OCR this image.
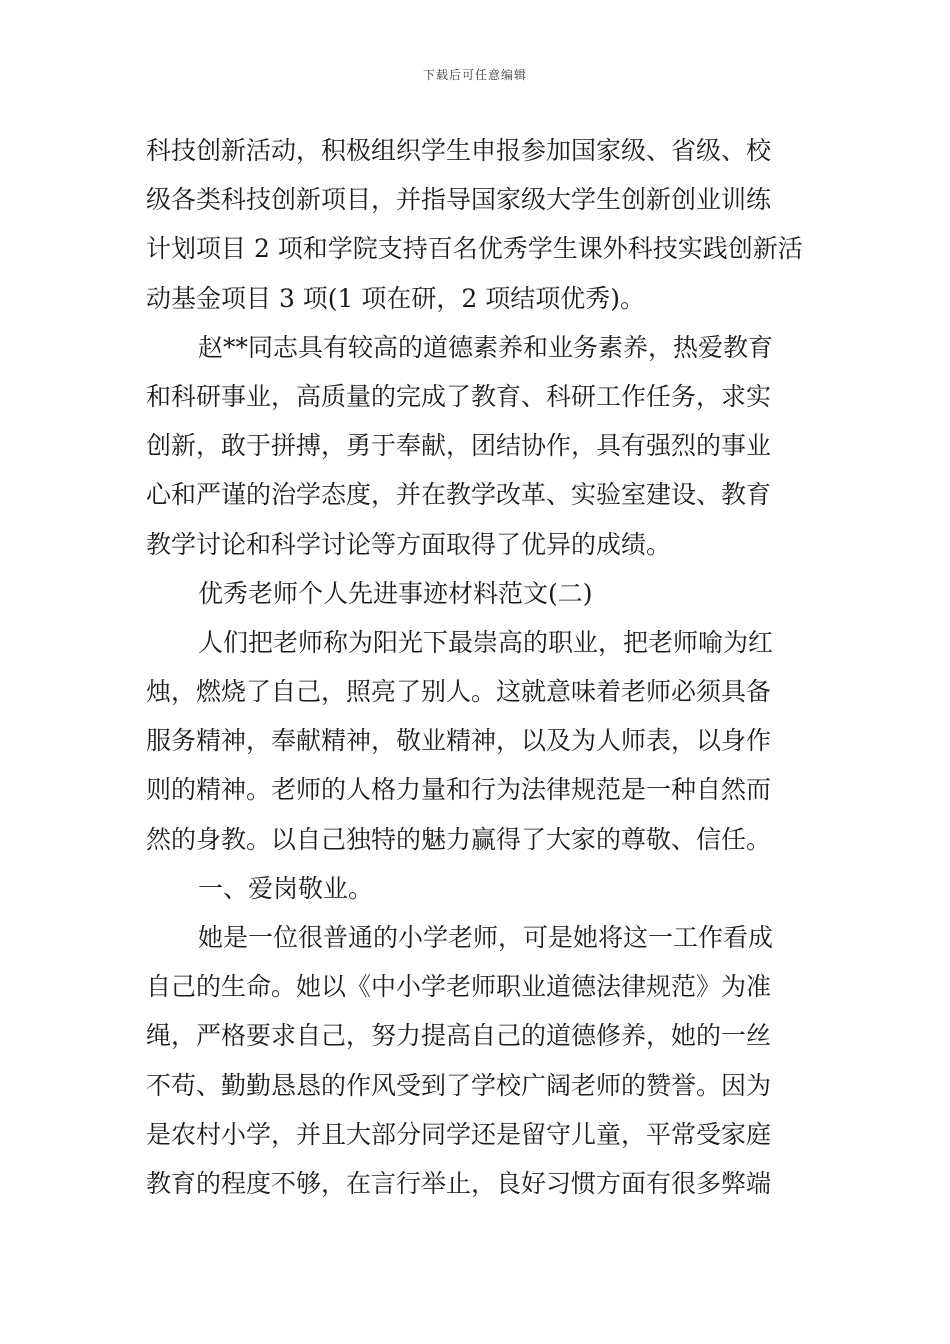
下载后可任意编辑
科技创新活动，积极组织学生申报参加国家级、省级、校
级各类科技创新项目，并指导国家级大学生创新创业训练
计划项目 2 项和学院支持百名优秀学生课外科技实践创新活
动基金项目 3 项(1 项在研，2 项结项优秀)。
赵**同志具有较高的道德素养和业务素养，热爱教育
和科研事业，高质量的完成了教育、科研工作任务，求实
创新，敢于拼搏，勇于奉献，团结协作，具有强烈的事业
心和严谨的治学态度，并在教学改革、实验室建设、教育
教学讨论和科学讨论等方面取得了优异的成绩。
优秀老师个人先进事迹材料范文(二)
人们把老师称为阳光下最崇高的职业，把老师喻为红
烛，燃烧了自己，照亮了别人。这就意味着老师必须具备
服务精神，奉献精神，敬业精神，以及为人师表，以身作
则的精神。老师的人格力量和行为法律规范是一种自然而
然的身教。以自己独特的魅力赢得了大家的尊敬、信任。
一、爱岗敬业。
她是一位很普通的小学老师，可是她将这一工作看成
自己的生命。她以《中小学老师职业道德法律规范》为准
绳，严格要求自己，努力提高自己的道德修养，她的一丝
不苟、勤勤恳恳的作风受到了学校广阔老师的赞誉。因为
是农村小学，并且大部分同学还是留守儿童，平常受家庭
教育的程度不够，在言行举止，良好习惯方面有很多弊端
